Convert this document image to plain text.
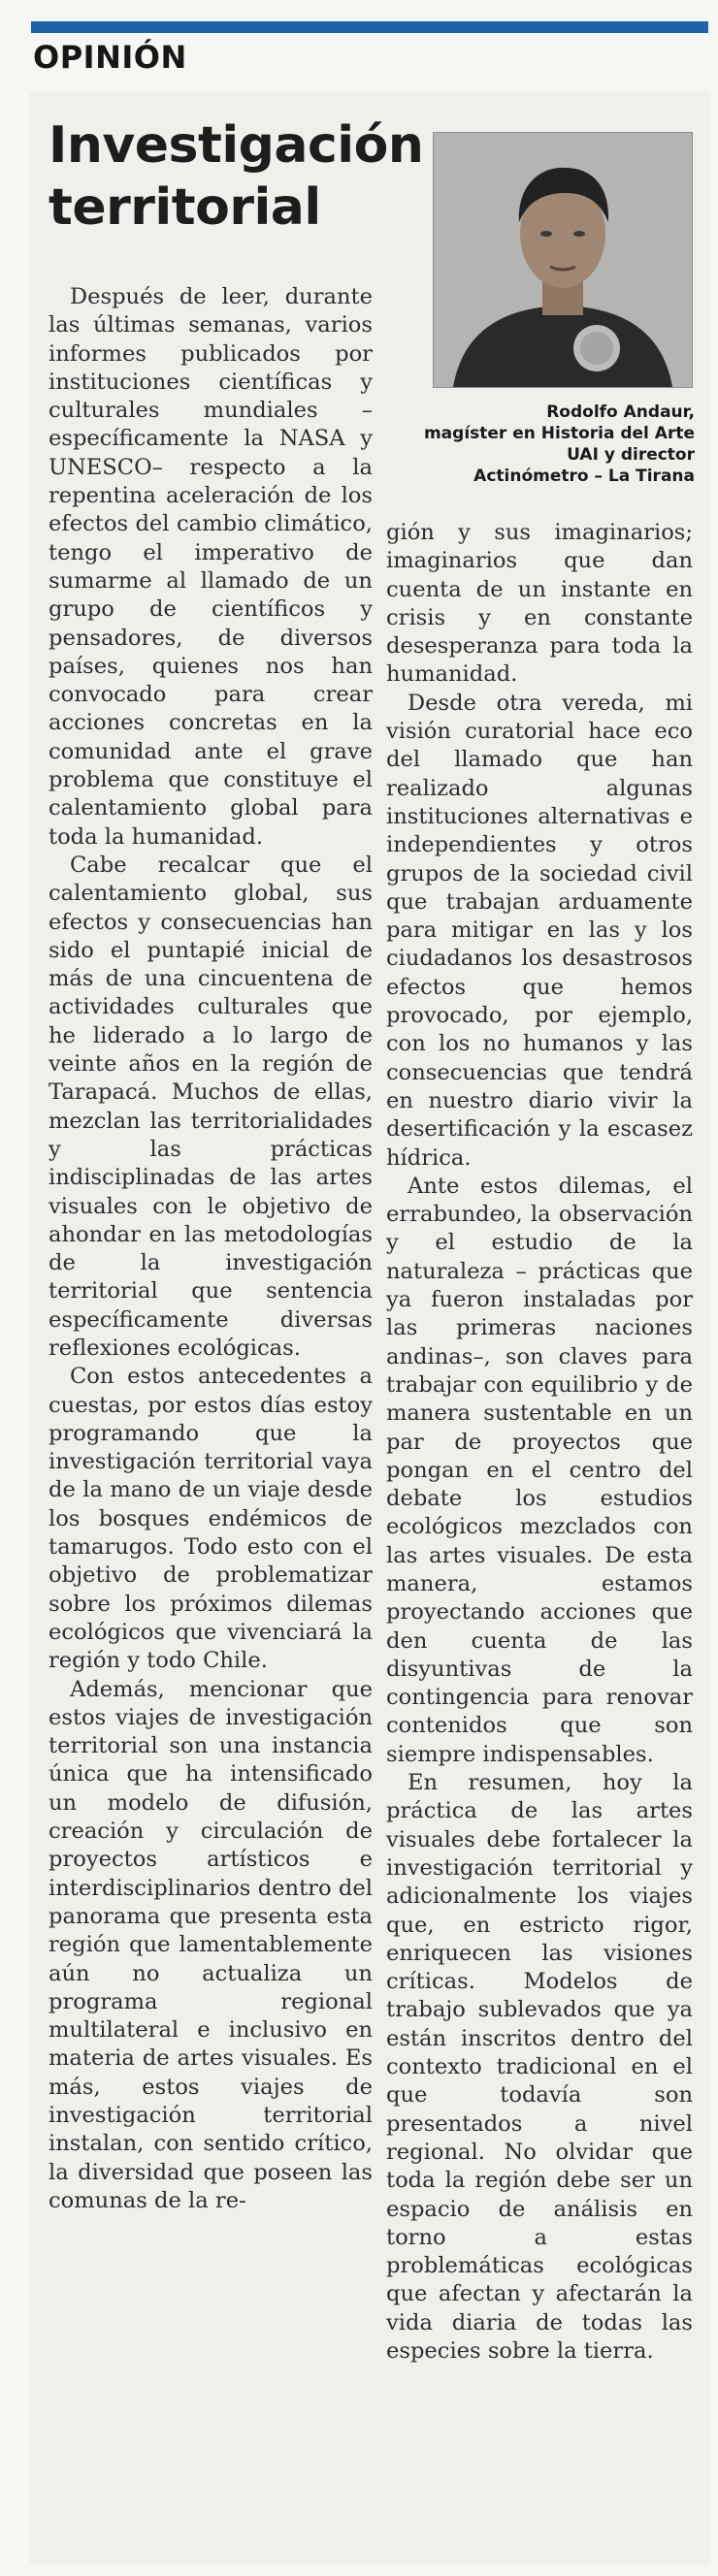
OPINIÓN
Investigación territorial
Rodolfo Andaur,
magíster en Historia del Arte
UAI y director
Actinómetro – La Tirana

Después de leer, durante las últimas semanas, varios informes publicados por instituciones científicas y culturales mundiales –específicamente la NASA y UNESCO– respecto a la repentina aceleración de los efectos del cambio climático, tengo el imperativo de sumarme al llamado de un grupo de científicos y pensadores, de diversos países, quienes nos han convocado para crear acciones concretas en la comunidad ante el grave problema que constituye el calentamiento global para toda la humanidad.

Cabe recalcar que el calentamiento global, sus efectos y consecuencias han sido el puntapié inicial de más de una cincuentena de actividades culturales que he liderado a lo largo de veinte años en la región de Tarapacá. Muchos de ellas, mezclan las territorialidades y las prácticas indisciplinadas de las artes visuales con le objetivo de ahondar en las metodologías de la investigación territorial que sentencia específicamente diversas reflexiones ecológicas.

Con estos antecedentes a cuestas, por estos días estoy programando que la investigación territorial vaya de la mano de un viaje desde los bosques endémicos de tamarugos. Todo esto con el objetivo de problematizar sobre los próximos dilemas ecológicos que vivenciará la región y todo Chile.

Además, mencionar que estos viajes de investigación territorial son una instancia única que ha intensificado un modelo de difusión, creación y circulación de proyectos artísticos e interdisciplinarios dentro del panorama que presenta esta región que lamentablemente aún no actualiza un programa regional multilateral e inclusivo en materia de artes visuales. Es más, estos viajes de investigación territorial instalan, con sentido crítico, la diversidad que poseen las comunas de la re-

gión y sus imaginarios; imaginarios que dan cuenta de un instante en crisis y en constante desesperanza para toda la humanidad.

Desde otra vereda, mi visión curatorial hace eco del llamado que han realizado algunas instituciones alternativas e independientes y otros grupos de la sociedad civil que trabajan arduamente para mitigar en las y los ciudadanos los desastrosos efectos que hemos provocado, por ejemplo, con los no humanos y las consecuencias que tendrá en nuestro diario vivir la desertificación y la escasez hídrica.

Ante estos dilemas, el errabundeo, la observación y el estudio de la naturaleza – prácticas que ya fueron instaladas por las primeras naciones andinas–, son claves para trabajar con equilibrio y de manera sustentable en un par de proyectos que pongan en el centro del debate los estudios ecológicos mezclados con las artes visuales. De esta manera, estamos proyectando acciones que den cuenta de las disyuntivas de la contingencia para renovar contenidos que son siempre indispensables.

En resumen, hoy la práctica de las artes visuales debe fortalecer la investigación territorial y adicionalmente los viajes que, en estricto rigor, enriquecen las visiones críticas. Modelos de trabajo sublevados que ya están inscritos dentro del contexto tradicional en el que todavía son presentados a nivel regional. No olvidar que toda la región debe ser un espacio de análisis en torno a estas problemáticas ecológicas que afectan y afectarán la vida diaria de todas las especies sobre la tierra.
